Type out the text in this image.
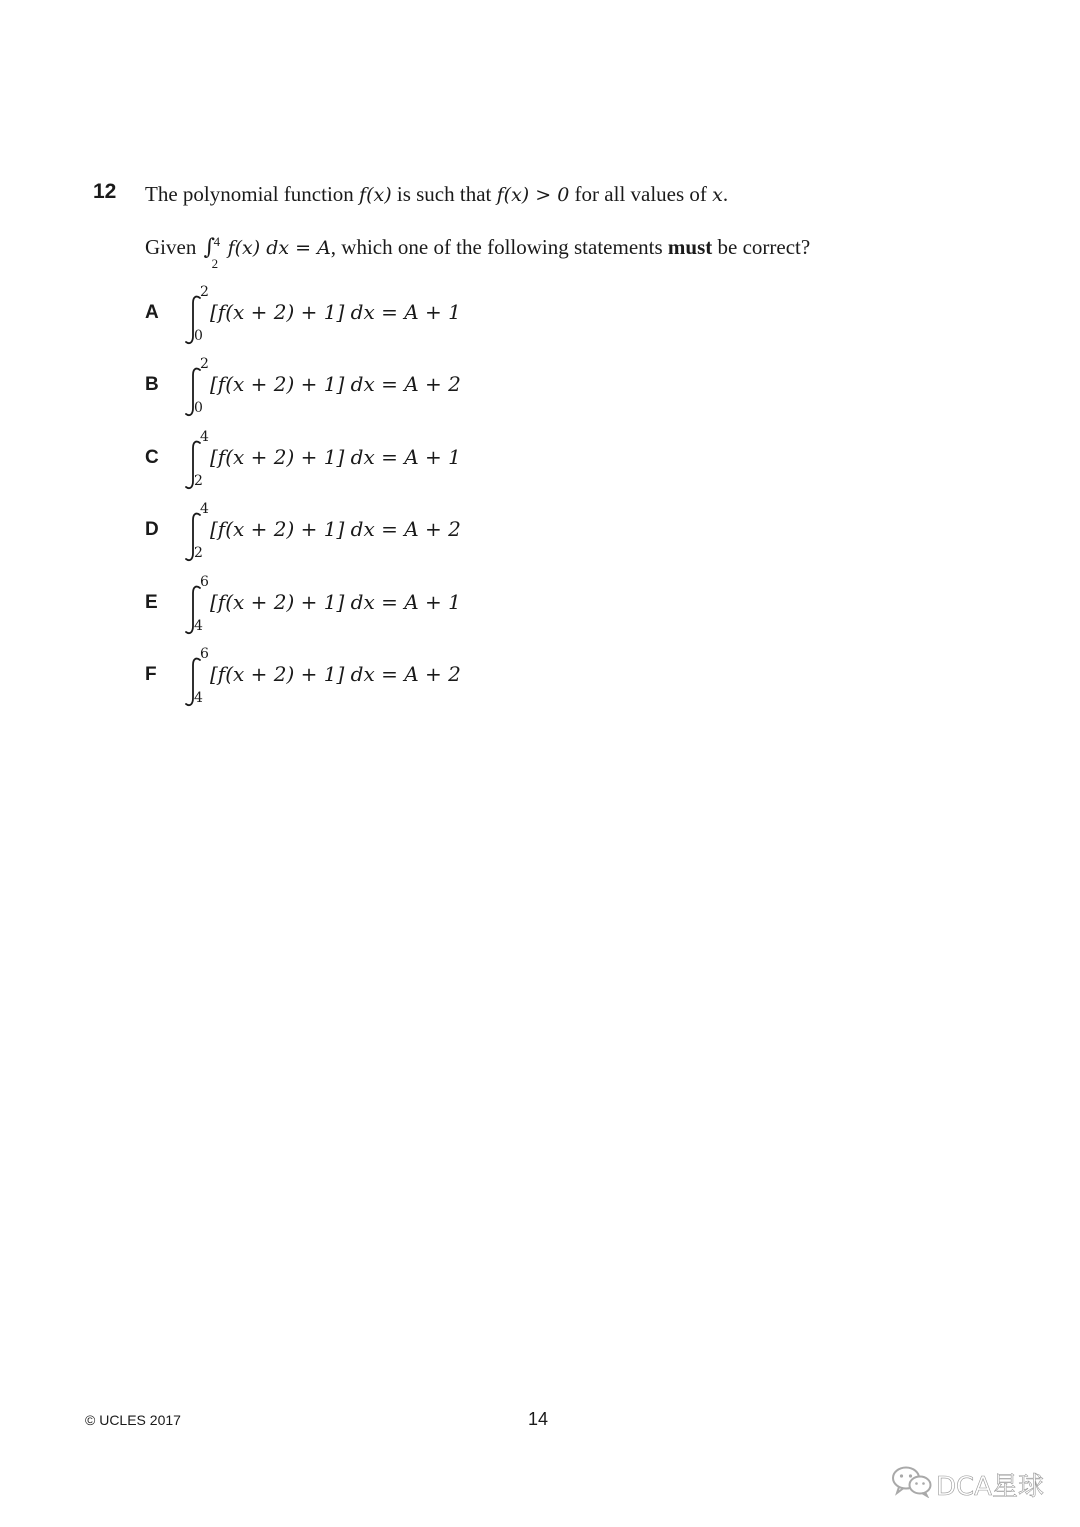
12 The polynomial function f(x) is such that f(x) > 0 for all values of x.
Given ∫
4
2
f(x) dx = A, which one of the following statements must be correct?
A
2
0
[f(x + 2) + 1] dx = A + 1
B
2
0
[f(x + 2) + 1] dx = A + 2
C
4
2
[f(x + 2) + 1] dx = A + 1
D
4
2
[f(x + 2) + 1] dx = A + 2
E
6
4
[f(x + 2) + 1] dx = A + 1
F
6
4
[f(x + 2) + 1] dx = A + 2
© UCLES 2017	14
DCA星球
